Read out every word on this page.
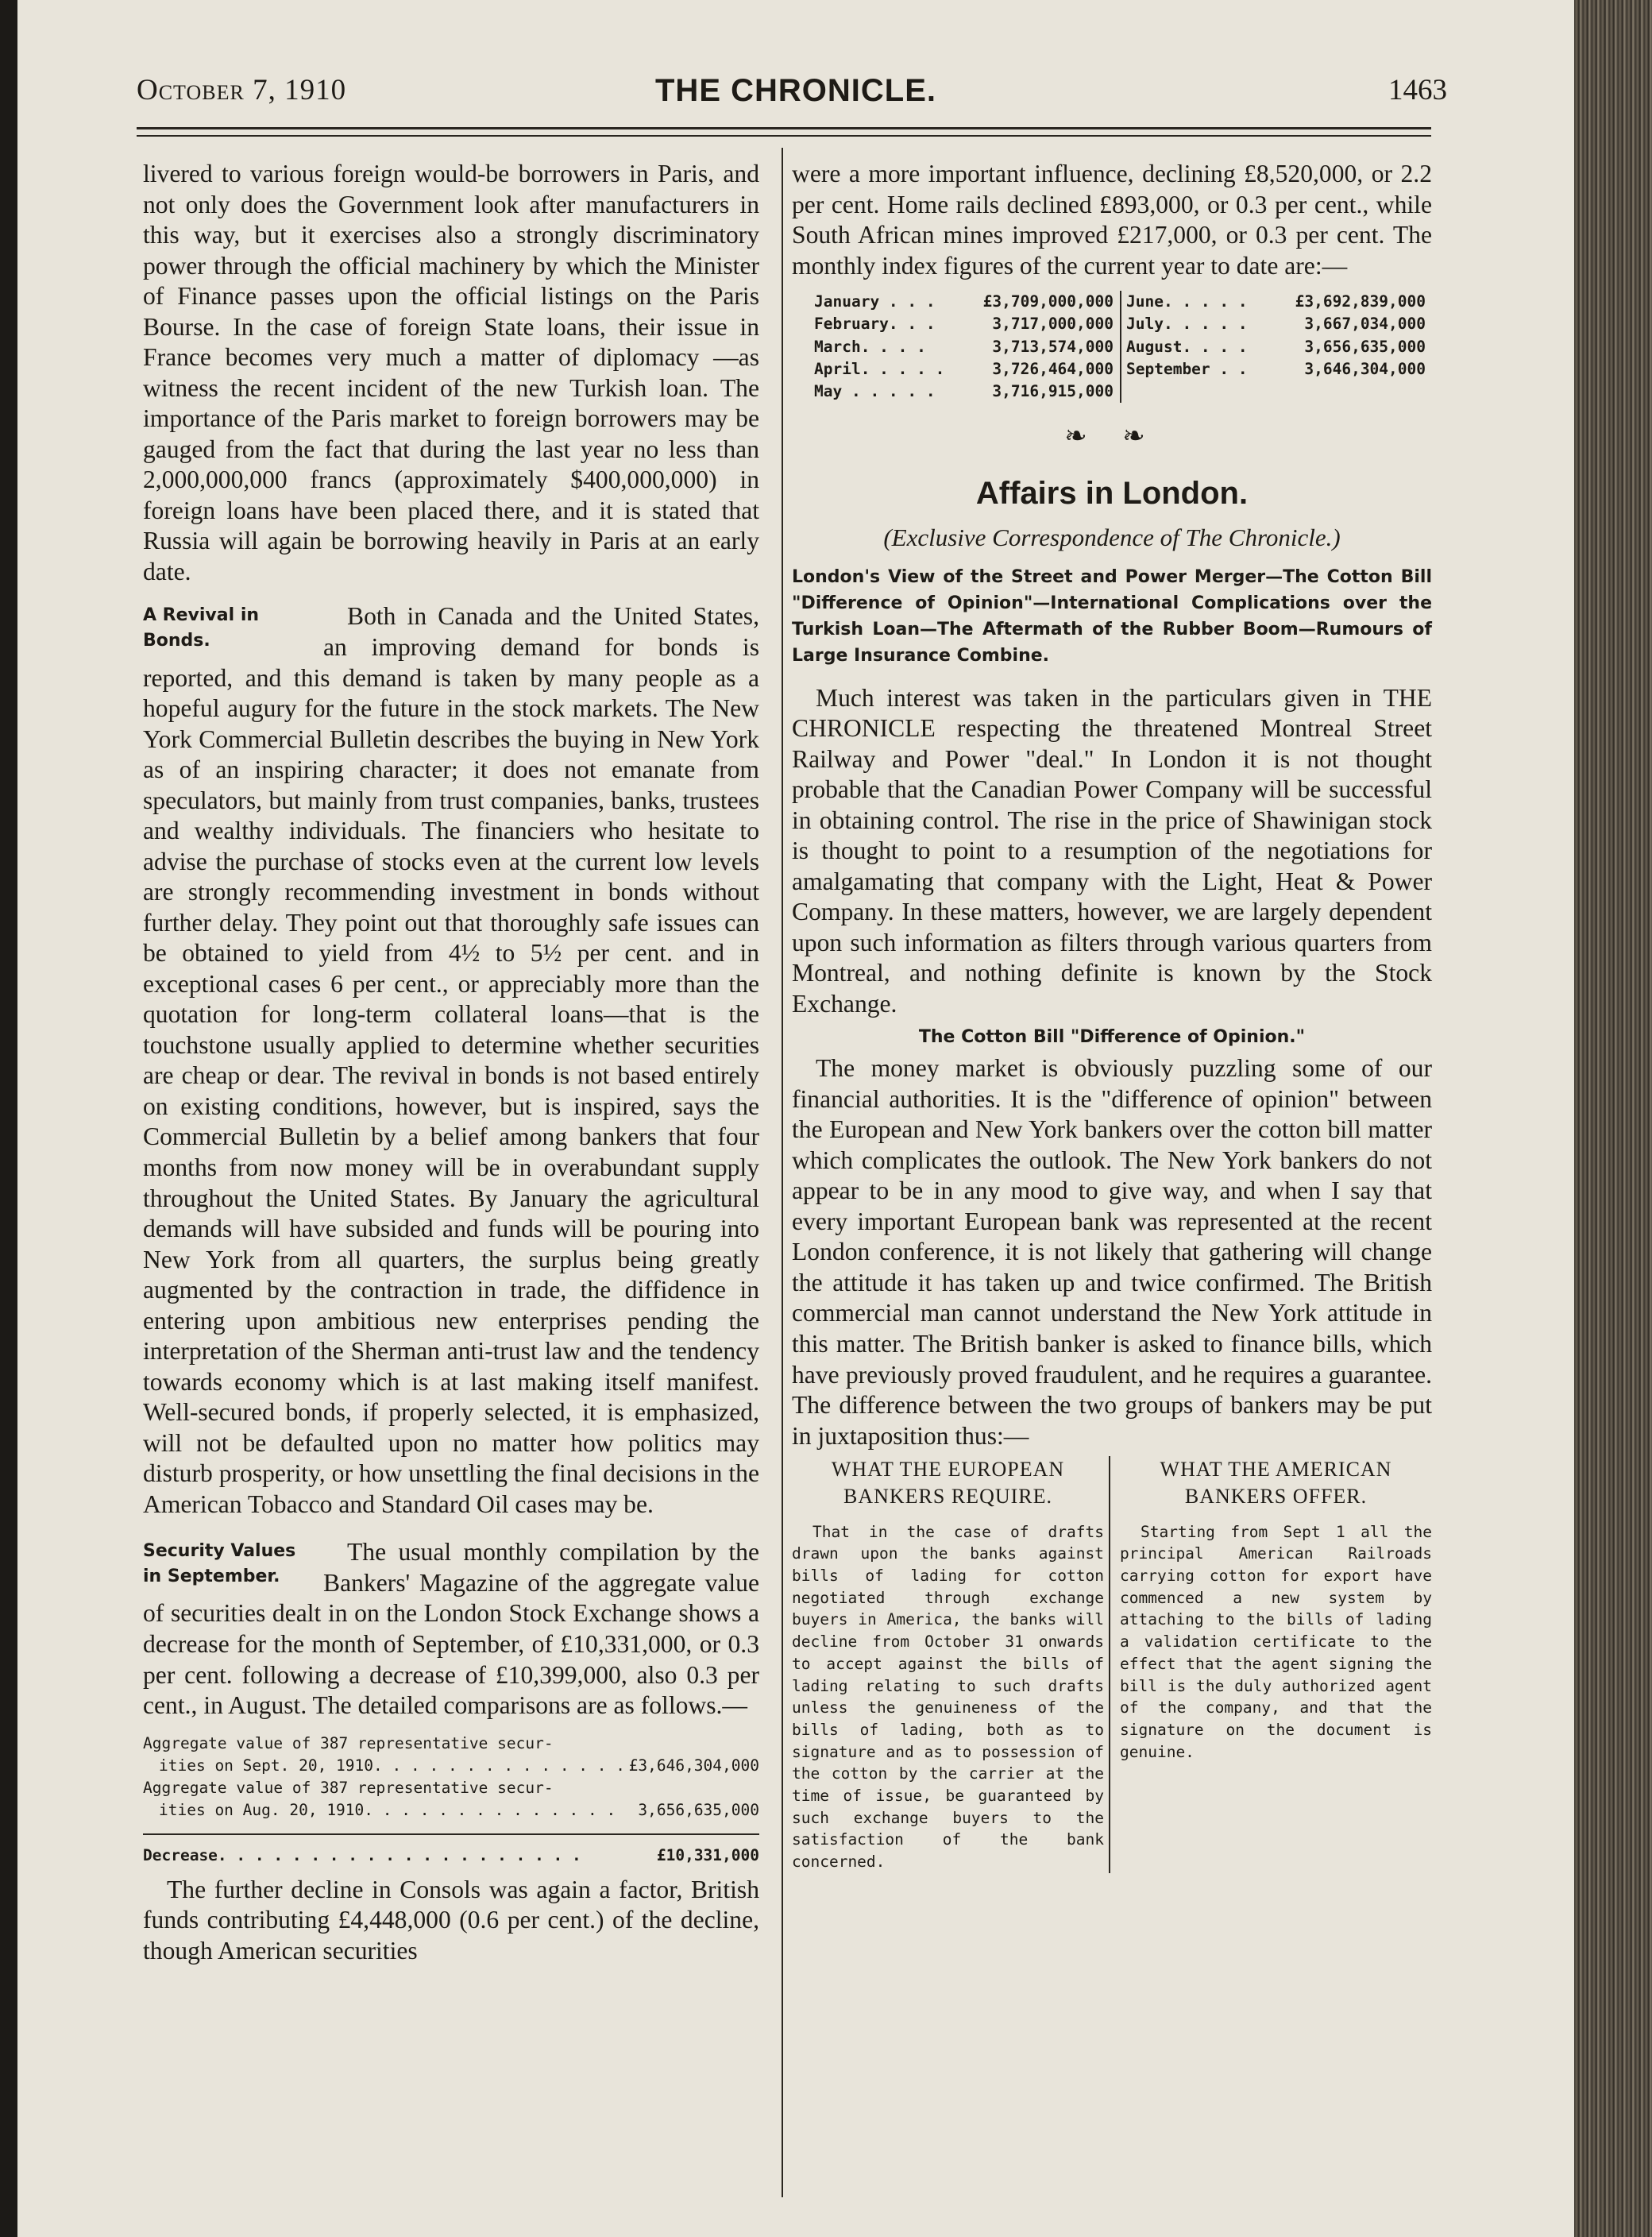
October 7, 1910	THE CHRONICLE.	1463

livered to various foreign would-be borrowers in Paris, and not only does the Government look after manufacturers in this way, but it exercises also a strongly discriminatory power through the official machinery by which the Minister of Finance passes upon the official listings on the Paris Bourse. In the case of foreign State loans, their issue in France becomes very much a matter of diplomacy —as witness the recent incident of the new Turkish loan. The importance of the Paris market to foreign borrowers may be gauged from the fact that during the last year no less than 2,000,000,000 francs (approximately $400,000,000) in foreign loans have been placed there, and it is stated that Russia will again be borrowing heavily in Paris at an early date.

A Revival in Bonds.

Both in Canada and the United States, an improving demand for bonds is reported, and this demand is taken by many people as a hopeful augury for the future in the stock markets. The New York Commercial Bulletin describes the buying in New York as of an inspiring character; it does not emanate from speculators, but mainly from trust companies, banks, trustees and wealthy individuals. The financiers who hesitate to advise the purchase of stocks even at the current low levels are strongly recommending investment in bonds without further delay. They point out that thoroughly safe issues can be obtained to yield from 4½ to 5½ per cent. and in exceptional cases 6 per cent., or appreciably more than the quotation for long-term collateral loans—that is the touchstone usually applied to determine whether securities are cheap or dear. The revival in bonds is not based entirely on existing conditions, however, but is inspired, says the Commercial Bulletin by a belief among bankers that four months from now money will be in overabundant supply throughout the United States. By January the agricultural demands will have subsided and funds will be pouring into New York from all quarters, the surplus being greatly augmented by the contraction in trade, the diffidence in entering upon ambitious new enterprises pending the interpretation of the Sherman anti-trust law and the tendency towards economy which is at last making itself manifest. Well-secured bonds, if properly selected, it is emphasized, will not be defaulted upon no matter how politics may disturb prosperity, or how unsettling the final decisions in the American Tobacco and Standard Oil cases may be.

Security Values in September.

The usual monthly compilation by the Bankers' Magazine of the aggregate value of securities dealt in on the London Stock Exchange shows a decrease for the month of September, of £10,331,000, or 0.3 per cent. following a decrease of £10,399,000, also 0.3 per cent., in August. The detailed comparisons are as follows.—

Aggregate value of 387 representative secur-
ities on Sept. 20, 1910. . . . . . . . . . . . . . £3,646,304,000
Aggregate value of 387 representative secur-
ities on Aug. 20, 1910. . . . . . . . . . . . . . 3,656,635,000
Decrease. . . . . . . . . . . . . . . . . . . .	£10,331,000

The further decline in Consols was again a factor, British funds contributing £4,448,000 (0.6 per cent.) of the decline, though American securities

were a more important influence, declining £8,520,000, or 2.2 per cent. Home rails declined £893,000, or 0.3 per cent., while South African mines improved £217,000, or 0.3 per cent. The monthly index figures of the current year to date are:—

January . . .	£3,709,000,000
February. . .	3,717,000,000
March. . . .	3,713,574,000
April. . . . .	3,726,464,000
May . . . . .	3,716,915,000
June. . . . .	£3,692,839,000
July. . . . .	3,667,034,000
August. . . .	3,656,635,000
September . .	3,646,304,000
❧ ❧
Affairs in London.
(Exclusive Correspondence of The Chronicle.)
London's View of the Street and Power Merger—The Cotton Bill "Difference of Opinion"—International Complications over the Turkish Loan—The Aftermath of the Rubber Boom—Rumours of Large Insurance Combine.

Much interest was taken in the particulars given in THE CHRONICLE respecting the threatened Montreal Street Railway and Power "deal." In London it is not thought probable that the Canadian Power Company will be successful in obtaining control. The rise in the price of Shawinigan stock is thought to point to a resumption of the negotiations for amalgamating that company with the Light, Heat & Power Company. In these matters, however, we are largely dependent upon such information as filters through various quarters from Montreal, and nothing definite is known by the Stock Exchange.

The Cotton Bill "Difference of Opinion."

The money market is obviously puzzling some of our financial authorities. It is the "difference of opinion" between the European and New York bankers over the cotton bill matter which complicates the outlook. The New York bankers do not appear to be in any mood to give way, and when I say that every important European bank was represented at the recent London conference, it is not likely that gathering will change the attitude it has taken up and twice confirmed. The British commercial man cannot understand the New York attitude in this matter. The British banker is asked to finance bills, which have previously proved fraudulent, and he requires a guarantee. The difference between the two groups of bankers may be put in juxtaposition thus:—

WHAT THE EUROPEAN BANKERS REQUIRE.
That in the case of drafts drawn upon the banks against bills of lading for cotton negotiated through exchange buyers in America, the banks will decline from October 31 onwards to accept against the bills of lading relating to such drafts unless the genuineness of the bills of lading, both as to signature and as to possession of the cotton by the carrier at the time of issue, be guaranteed by such exchange buyers to the satisfaction of the bank concerned.
WHAT THE AMERICAN BANKERS OFFER.
Starting from Sept 1 all the principal American Railroads carrying cotton for export have commenced a new system by attaching to the bills of lading a validation certificate to the effect that the agent signing the bill is the duly authorized agent of the company, and that the signature on the document is genuine.
